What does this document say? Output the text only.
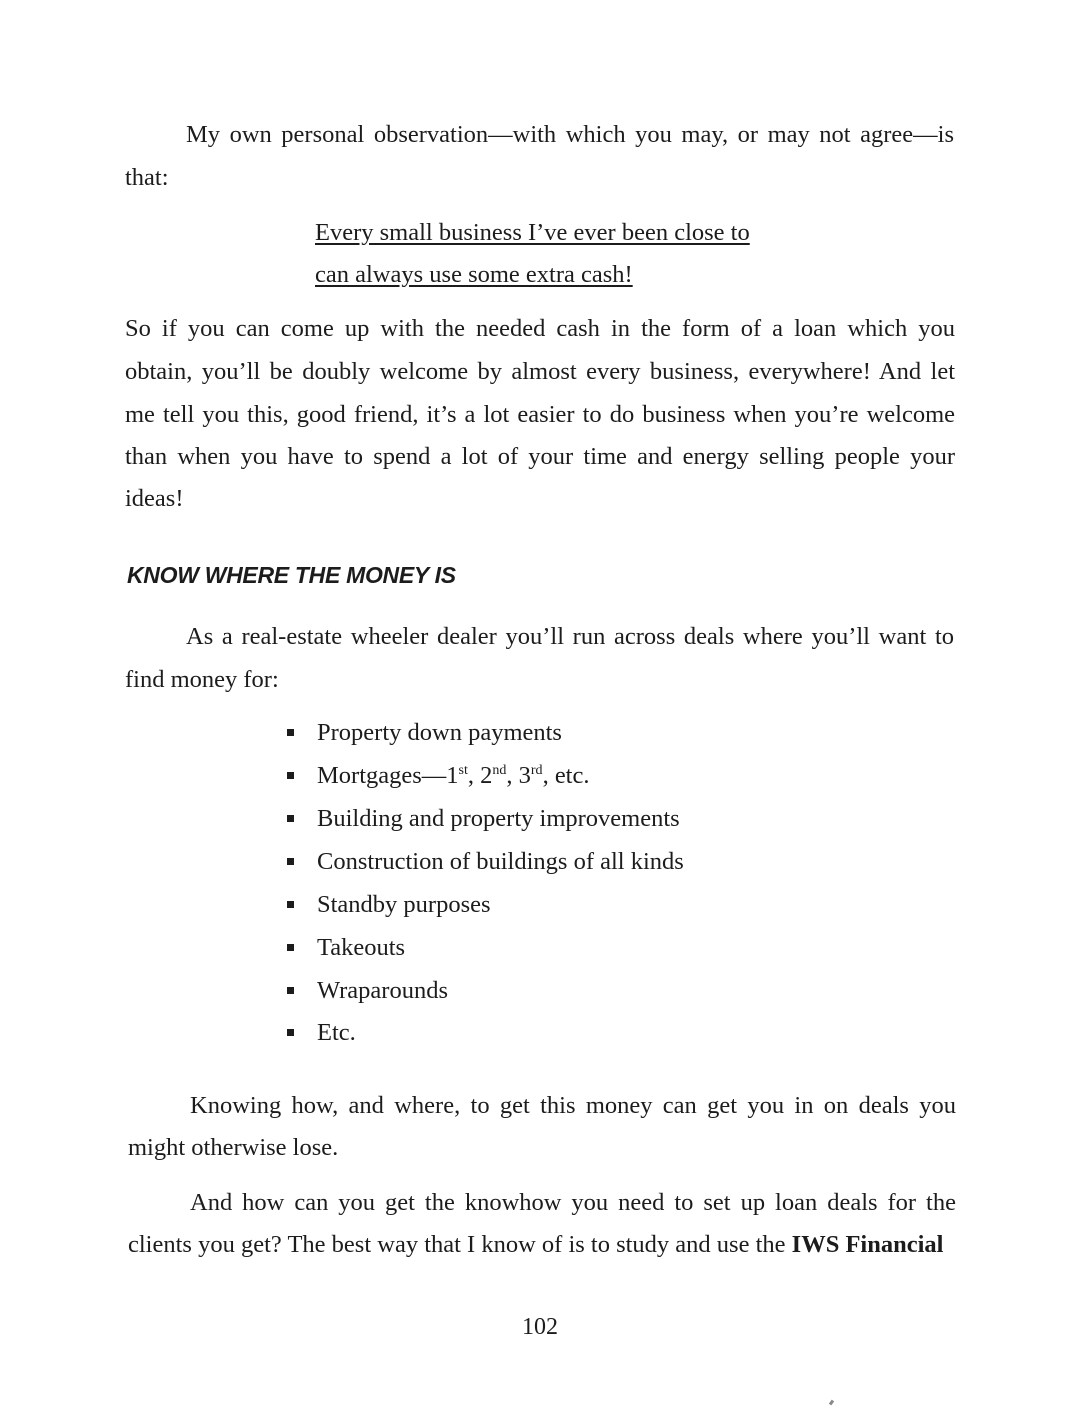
My own personal observation—with which you may, or may not agree—is
that:
Every small business I’ve ever been close to
can always use some extra cash!
So if you can come up with the needed cash in the form of a loan which you
obtain, you’ll be doubly welcome by almost every business, everywhere! And let
me tell you this, good friend, it’s a lot easier to do business when you’re welcome
than when you have to spend a lot of your time and energy selling people your
ideas!
KNOW WHERE THE MONEY IS
As a real-estate wheeler dealer you’ll run across deals where you’ll want to
find money for:
Property down payments
Mortgages—1st, 2nd, 3rd, etc.
Building and property improvements
Construction of buildings of all kinds
Standby purposes
Takeouts
Wraparounds
Etc.
Knowing how, and where, to get this money can get you in on deals you
might otherwise lose.
And how can you get the knowhow you need to set up loan deals for the
clients you get? The best way that I know of is to study and use the IWS Financial
102
